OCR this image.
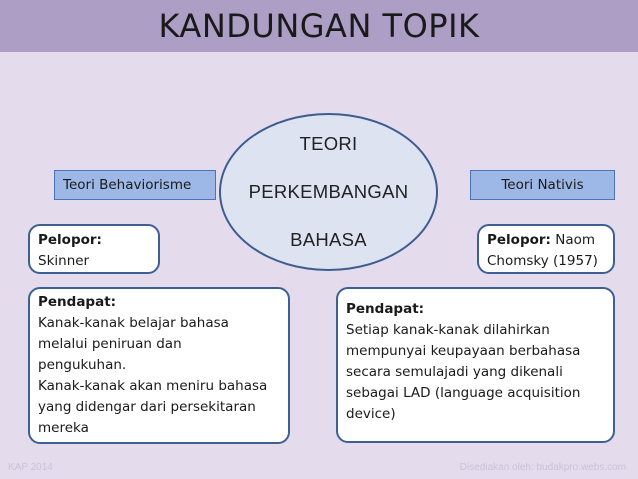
KANDUNGAN TOPIK

TEORI

PERKEMBANGAN

BAHASA

Teori Behaviorisme	Teori Nativis
Pelopor:
Skinner
Pelopor: Naom
Chomsky (1957)
Pendapat:
Kanak-kanak belajar bahasa
melalui peniruan dan
pengukuhan.
Kanak-kanak akan meniru bahasa
yang didengar dari persekitaran
mereka
Pendapat:
Setiap kanak-kanak dilahirkan
mempunyai keupayaan berbahasa
secara semulajadi yang dikenali
sebagai LAD (language acquisition
device)
KAP 2014	Disediakan oleh: budakpro.webs.com
